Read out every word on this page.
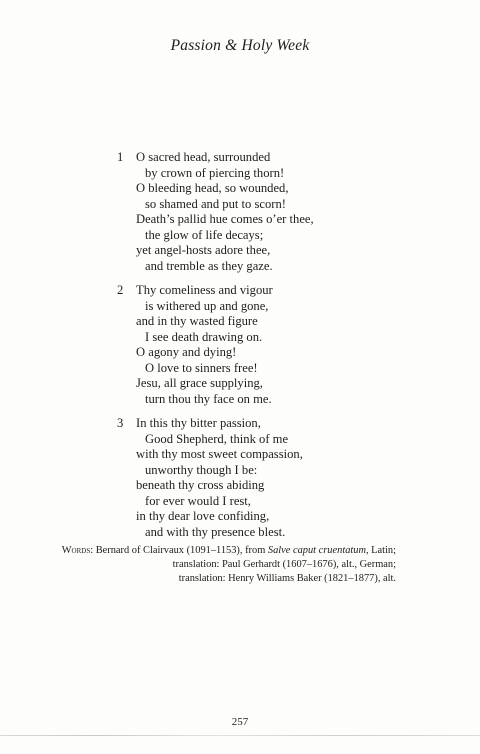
Passion & Holy Week
1 O sacred head, surrounded
by crown of piercing thorn!
O bleeding head, so wounded,
so shamed and put to scorn!
Death’s pallid hue comes o’er thee,
the glow of life decays;
yet angel-hosts adore thee,
and tremble as they gaze.
2 Thy comeliness and vigour
is withered up and gone,
and in thy wasted figure
I see death drawing on.
O agony and dying!
O love to sinners free!
Jesu, all grace supplying,
turn thou thy face on me.
3 In this thy bitter passion,
Good Shepherd, think of me
with thy most sweet compassion,
unworthy though I be:
beneath thy cross abiding
for ever would I rest,
in thy dear love confiding,
and with thy presence blest.
Words: Bernard of Clairvaux (1091–1153), from Salve caput cruentatum, Latin;
translation: Paul Gerhardt (1607–1676), alt., German;
translation: Henry Williams Baker (1821–1877), alt.
257
